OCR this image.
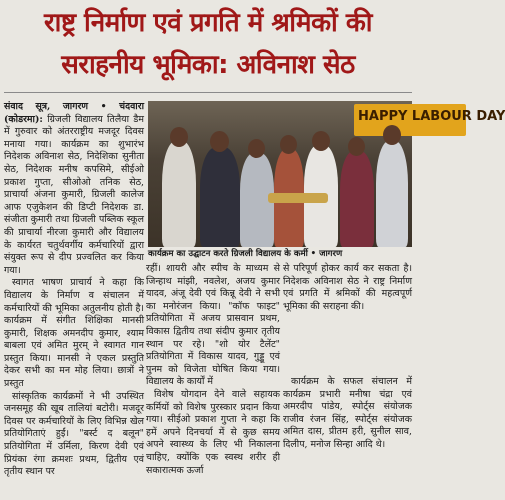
राष्ट्र निर्माण एवं प्रगति में श्रमिकों की
सराहनीय भूमिका: अविनाश सेठ

संवाद सूत्र, जागरण • चंदवारा (कोडरमा): ग्रिजली विद्यालय तिलैया डैम में गुरुवार को अंतरराष्ट्रीय मजदूर दिवस मनाया गया। कार्यक्रम का शुभारंभ निदेशक अविनाश सेठ, निदेशिका सुनीता सेठ, निदेशक मनीष कपसिमे, सीईओ प्रकाश गुप्ता, सीओओ तनिक सेठ, प्राचार्या अंजना कुमारी, ग्रिजली कालेज आफ एजुकेशन की डिप्टी निदेशक डा. संजीता कुमारी तथा ग्रिजली पब्लिक स्कूल की प्राचार्या नीरजा कुमारी और विद्यालय के कार्यरत चतुर्थवर्गीय कर्मचारियों द्वारा संयुक्त रूप से दीप प्रज्वलित कर किया गया।

स्वागत भाषण प्राचार्य ने कहा कि विद्यालय के निर्माण व संचालन में कर्मचारियों की भूमिका अतुलनीय होती है। कार्यक्रम में संगीत शिक्षिका मानसी कुमारी, शिक्षक अमनदीप कुमार, श्याम बाबला एवं अमित मुरम् ने स्वागत गान प्रस्तुत किया। मानसी ने एकल प्रस्तुति देकर सभी का मन मोह लिया। छात्रों ने प्रस्तुत

सांस्कृतिक कार्यक्रमों ने भी उपस्थित जनसमूह की खूब तालियां बटोरी। मजदूर दिवस पर कर्मचारियों के लिए विभिन्न खेल प्रतियोगिताएं हुईं। "बर्स्ट द बलून" प्रतियोगिता में उर्मिला, किरण देवी एवं प्रियंका रंगा क्रमशः प्रथम, द्वितीय एवं तृतीय स्थान पर

HAPPY LABOUR DAY
कार्यक्रम का उद्घाटन करते ग्रिजली विद्यालय के कर्मी • जागरण

रहीं। शायरी और स्पीच के माध्यम से जिन्हाथ मांझी, नवलेश, अजय कुमार यादव, अंजू देवी एवं किन्नू देवी ने सभी का मनोरंजन किया। "कॉफ फाइट" प्रतियोगिता में अजय प्रासवान प्रथम, विकास द्वितीय तथा संदीप कुमार तृतीय स्थान पर रहे। "शो योर टैलेंट" प्रतियोगिता में विकास यादव, गुड्डू एवं पुनम को विजेता घोषित किया गया। विद्यालय के कार्यों में

विशेष योगदान देने वाले सहायक कर्मियों को विशेष पुरस्कार प्रदान किया गया। सीईओ प्रकाश गुप्ता ने कहा कि हमें अपने दिनचर्या में से कुछ समय अपने स्वास्थ्य के लिए भी निकालना चाहिए, क्योंकि एक स्वस्थ शरीर ही सकारात्मक ऊर्जा

से परिपूर्ण होकर कार्य कर सकता है। निदेशक अविनाश सेठ ने राष्ट्र निर्माण एवं प्रगति में श्रमिकों की महत्वपूर्ण भूमिका की सराहना की।

कार्यक्रम के सफल संचालन में कार्यक्रम प्रभारी मनीषा चंद्रा एवं अमरदीप पांडेय, स्पोर्ट्स संयोजक राजीव रंजन सिंह, स्पोर्ट्स संयोजक अमित दास, प्रीतम हरी, सुनील साव, दिलीप, मनोज सिन्हा आदि थे।
